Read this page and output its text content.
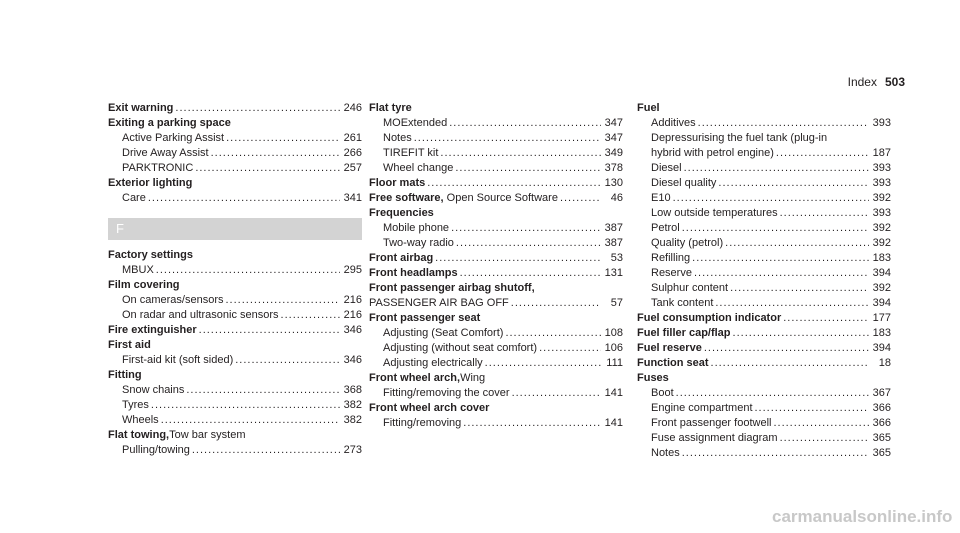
Index 503
Exit warning .....	246
Exiting a parking space
Active Parking Assist .....	261
Drive Away Assist .....	266
PARKTRONIC .....	257
Exterior lighting
Care .....	341
F
Factory settings
MBUX .....	295
Film covering
On cameras/sensors .....	216
On radar and ultrasonic sensors .....	216
Fire extinguisher .....	346
First aid
First-aid kit (soft sided) .....	346
Fitting
Snow chains .....	368
Tyres .....	382
Wheels .....	382
Flat towing, Tow bar system
Pulling/towing .....	273
Flat tyre
MOExtended .....	347
Notes .....	347
TIREFIT kit .....	349
Wheel change .....	378
Floor mats .....	130
Free software, Open Source Software .....	46
Frequencies
Mobile phone .....	387
Two-way radio .....	387
Front airbag .....	53
Front headlamps .....	131
Front passenger airbag shutoff,
PASSENGER AIR BAG OFF .....	57
Front passenger seat
Adjusting (Seat Comfort) .....	108
Adjusting (without seat comfort) .....	106
Adjusting electrically .....	111
Front wheel arch, Wing
Fitting/removing the cover .....	141
Front wheel arch cover
Fitting/removing .....	141
Fuel
Additives .....	393
Depressurising the fuel tank (plug-in
hybrid with petrol engine) .....	187
Diesel .....	393
Diesel quality .....	393
E10 .....	392
Low outside temperatures .....	393
Petrol .....	392
Quality (petrol) .....	392
Refilling .....	183
Reserve .....	394
Sulphur content .....	392
Tank content .....	394
Fuel consumption indicator .....	177
Fuel filler cap/flap .....	183
Fuel reserve .....	394
Function seat .....	18
Fuses
Boot .....	367
Engine compartment .....	366
Front passenger footwell .....	366
Fuse assignment diagram .....	365
Notes .....	365
carmanualsonline.info
